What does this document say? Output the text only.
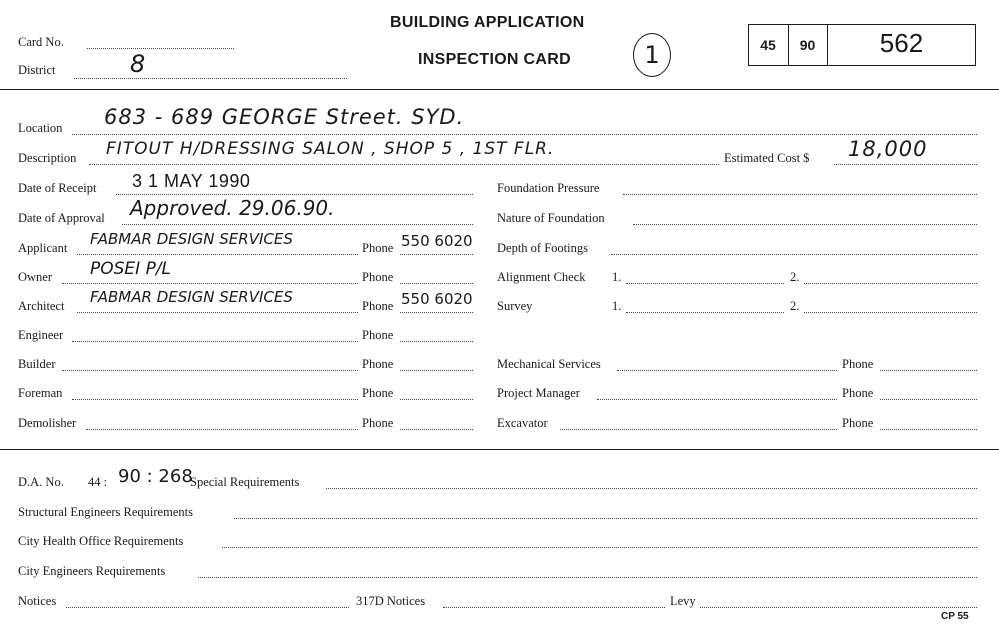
Card No.
District	8
BUILDING APPLICATION
INSPECTION CARD	1	45	90	562
Location 683 - 689 GEORGE Street. SYD.
Description FITOUT H/DRESSING SALON , SHOP 5 , 1ST FLR.	Estimated Cost $ 18,000
Date of Receipt 3 1 MAY 1990
Date of Approval Approved. 29.06.90.
Applicant FABMAR DESIGN SERVICES	Phone 550 6020
Owner POSEI P/L	Phone
Architect FABMAR DESIGN SERVICES	Phone 550 6020
Engineer	Phone
Builder	Phone
Foreman	Phone
Demolisher	Phone
Foundation Pressure
Nature of Foundation
Depth of Footings
Alignment Check 1.	2.
Survey	1.	2.
Mechanical Services	Phone
Project Manager	Phone
Excavator	Phone
D.A. No. 44 : 90 : 268
Special Requirements
Structural Engineers Requirements
City Health Office Requirements
City Engineers Requirements
Notices	317D Notices	Levy
CP 55
